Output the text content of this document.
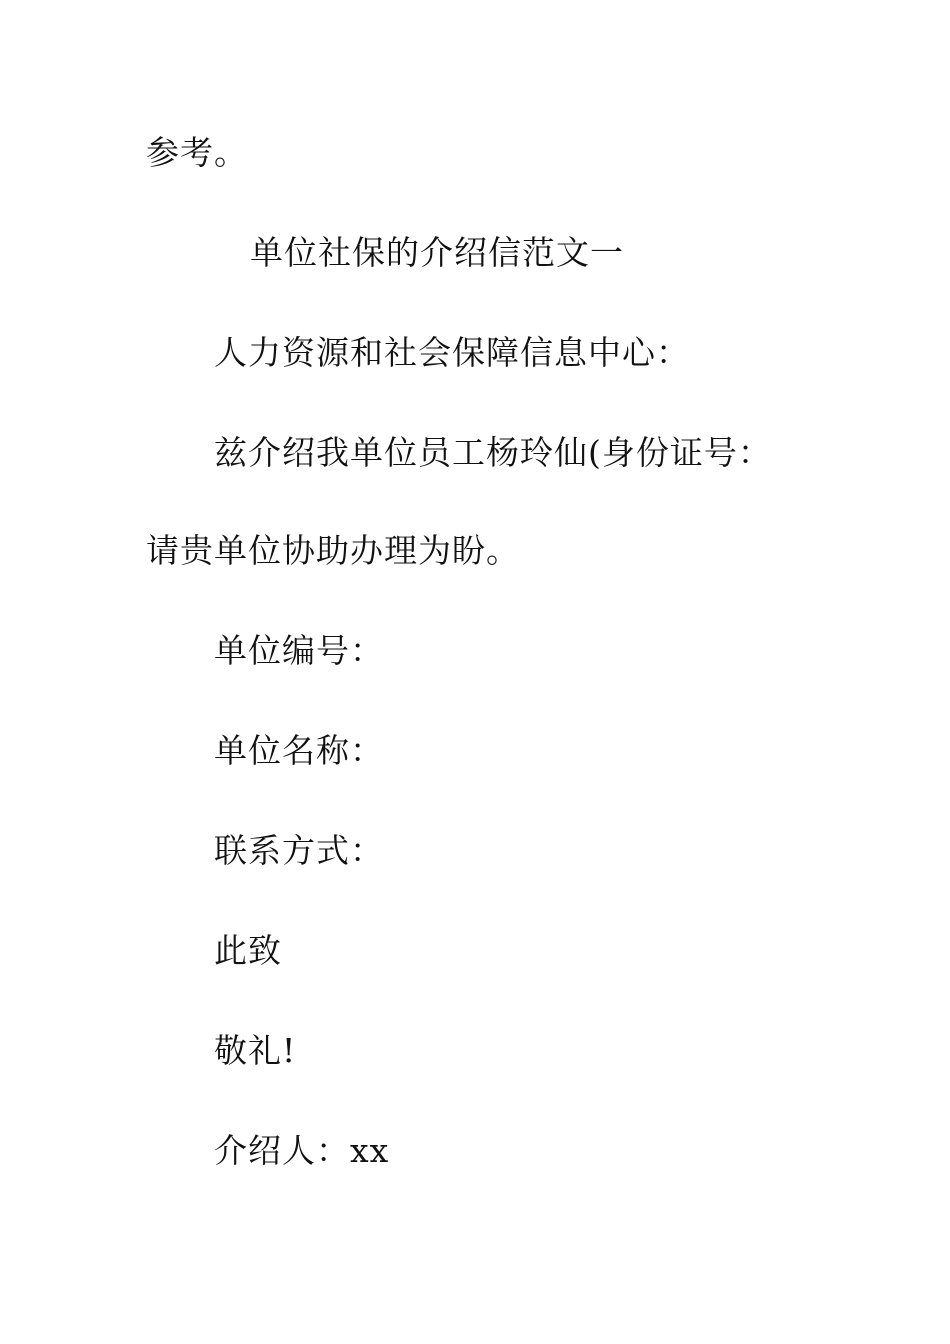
参考。

单位社保的介绍信范文一

人力资源和社会保障信息中心：

兹介绍我单位员工杨玲仙(身份证号：

请贵单位协助办理为盼。

单位编号：

单位名称：

联系方式：

此致

敬礼!

介绍人：xx
